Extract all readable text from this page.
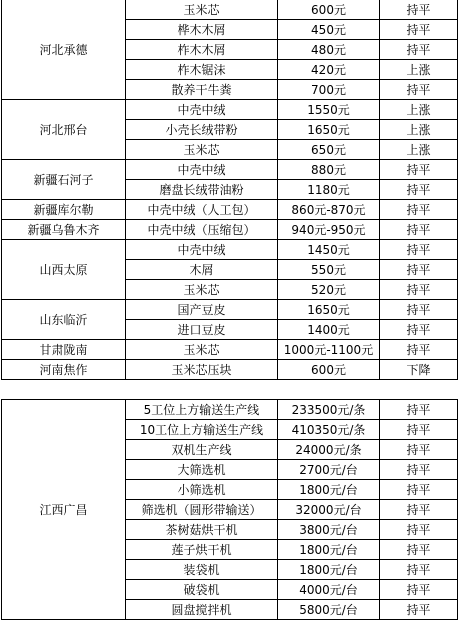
河北承德	玉米芯	600元	持平
	桦木木屑	450元	持平
	柞木木屑	480元	持平
	柞木锯沫	420元	上涨
	散养干牛粪	700元	持平
河北邢台	中壳中绒	1550元	上涨
	小壳长绒带粉	1650元	上涨
	玉米芯	650元	上涨
新疆石河子	中壳中绒	880元	持平
	磨盘长绒带油粉	1180元	持平
新疆库尔勒	中壳中绒（人工包）	860元-870元	持平
新疆乌鲁木齐	中壳中绒（压缩包）	940元-950元	持平
山西太原	中壳中绒	1450元	持平
	木屑	550元	持平
	玉米芯	520元	持平
山东临沂	国产豆皮	1650元	持平
	进口豆皮	1400元	持平
甘肃陇南	玉米芯	1000元-1100元	持平
河南焦作	玉米芯压块	600元	下降

江西广昌	5工位上方输送生产线	233500元/条	持平
	10工位上方输送生产线	410350元/条	持平
	双机生产线	24000元/条	持平
	大筛选机	2700元/台	持平
	小筛选机	1800元/台	持平
	筛选机（圆形带输送）	32000元/台	持平
	茶树菇烘干机	3800元/台	持平
	莲子烘干机	1800元/台	持平
	装袋机	1800元/台	持平
	破袋机	4000元/台	持平
	圆盘搅拌机	5800元/台	持平
